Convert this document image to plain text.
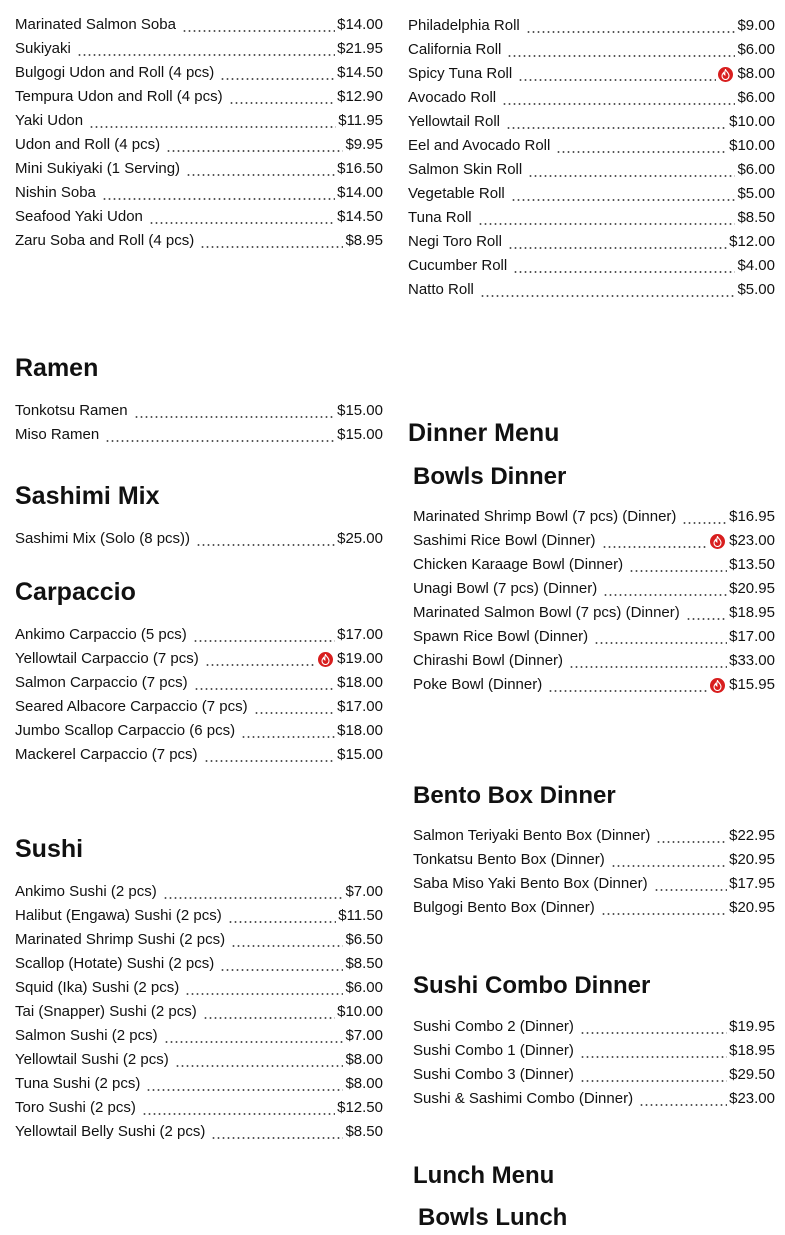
Marinated Salmon Soba	$14.00
Sukiyaki	$21.95
Bulgogi Udon and Roll (4 pcs)	$14.50
Tempura Udon and Roll (4 pcs)	$12.90
Yaki Udon	$11.95
Udon and Roll (4 pcs)	$9.95
Mini Sukiyaki (1 Serving)	$16.50
Nishin Soba	$14.00
Seafood Yaki Udon	$14.50
Zaru Soba and Roll (4 pcs)	$8.95
Ramen
Tonkotsu Ramen	$15.00
Miso Ramen	$15.00
Sashimi Mix
Sashimi Mix (Solo (8 pcs))	$25.00
Carpaccio
Ankimo Carpaccio (5 pcs)	$17.00
Yellowtail Carpaccio (7 pcs)	$19.00
Salmon Carpaccio (7 pcs)	$18.00
Seared Albacore Carpaccio (7 pcs)	$17.00
Jumbo Scallop Carpaccio (6 pcs)	$18.00
Mackerel Carpaccio (7 pcs)	$15.00
Sushi
Ankimo Sushi (2 pcs)	$7.00
Halibut (Engawa) Sushi (2 pcs)	$11.50
Marinated Shrimp Sushi (2 pcs)	$6.50
Scallop (Hotate) Sushi (2 pcs)	$8.50
Squid (Ika) Sushi (2 pcs)	$6.00
Tai (Snapper) Sushi (2 pcs)	$10.00
Salmon Sushi (2 pcs)	$7.00
Yellowtail Sushi (2 pcs)	$8.00
Tuna Sushi (2 pcs)	$8.00
Toro Sushi (2 pcs)	$12.50
Yellowtail Belly Sushi (2 pcs)	$8.50
Philadelphia Roll	$9.00
California Roll	$6.00
Spicy Tuna Roll	$8.00
Avocado Roll	$6.00
Yellowtail Roll	$10.00
Eel and Avocado Roll	$10.00
Salmon Skin Roll	$6.00
Vegetable Roll	$5.00
Tuna Roll	$8.50
Negi Toro Roll	$12.00
Cucumber Roll	$4.00
Natto Roll	$5.00
Dinner Menu
Bowls Dinner
Marinated Shrimp Bowl (7 pcs) (Dinner)	$16.95
Sashimi Rice Bowl (Dinner)	$23.00
Chicken Karaage Bowl (Dinner)	$13.50
Unagi Bowl (7 pcs) (Dinner)	$20.95
Marinated Salmon Bowl (7 pcs) (Dinner)	$18.95
Spawn Rice Bowl (Dinner)	$17.00
Chirashi Bowl (Dinner)	$33.00
Poke Bowl (Dinner)	$15.95
Bento Box Dinner
Salmon Teriyaki Bento Box (Dinner)	$22.95
Tonkatsu Bento Box (Dinner)	$20.95
Saba Miso Yaki Bento Box (Dinner)	$17.95
Bulgogi Bento Box (Dinner)	$20.95
Sushi Combo Dinner
Sushi Combo 2 (Dinner)	$19.95
Sushi Combo 1 (Dinner)	$18.95
Sushi Combo 3 (Dinner)	$29.50
Sushi & Sashimi Combo (Dinner)	$23.00
Lunch Menu
Bowls Lunch
